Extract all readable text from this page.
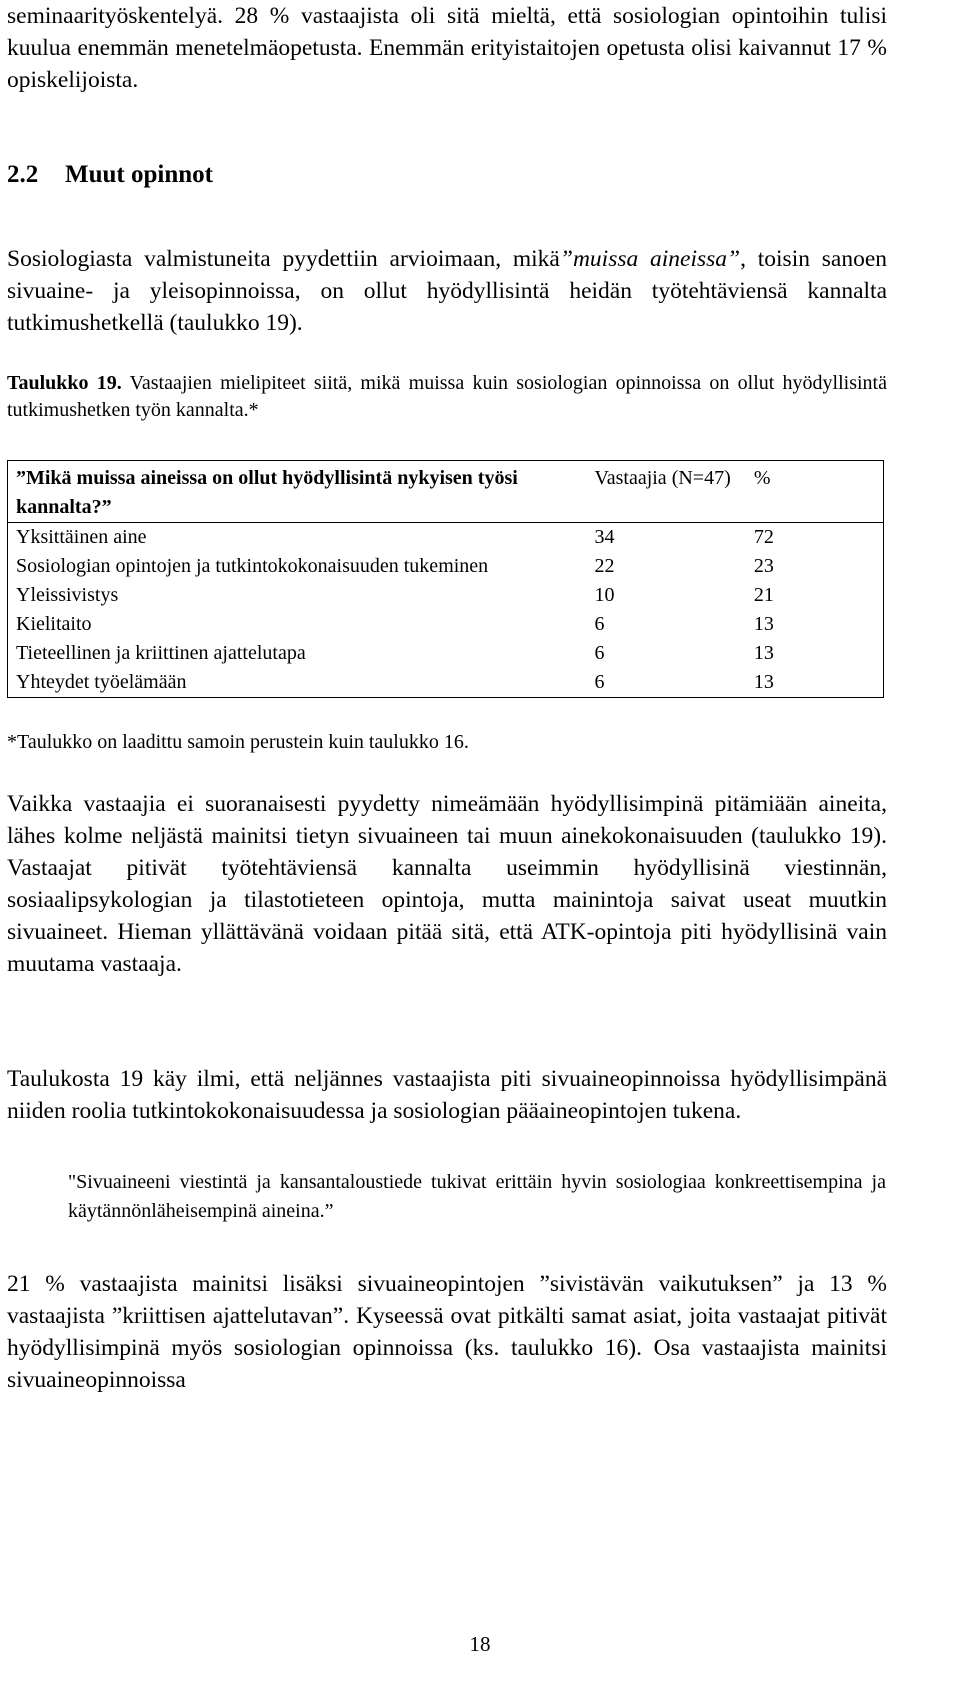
seminaarityöskentelyä. 28 % vastaajista oli sitä mieltä, että sosiologian opintoihin tulisi kuulua enemmän menetelmäopetusta. Enemmän erityistaitojen opetusta olisi kaivannut 17 % opiskelijoista.

2.2 Muut opinnot

Sosiologiasta valmistuneita pyydettiin arvioimaan, mikä”muissa aineissa”, toisin sanoen sivuaine- ja yleisopinnoissa, on ollut hyödyllisintä heidän työtehtäviensä kannalta tutkimushetkellä (taulukko 19).

Taulukko 19. Vastaajien mielipiteet siitä, mikä muissa kuin sosiologian opinnoissa on ollut hyödyllisintä tutkimushetken työn kannalta.*

”Mikä muissa aineissa on ollut hyödyllisintä nykyisen työsi kannalta?”	Vastaajia (N=47)	%
Yksittäinen aine	34	72
Sosiologian opintojen ja tutkintokokonaisuuden tukeminen	22	23
Yleissivistys	10	21
Kielitaito	6	13
Tieteellinen ja kriittinen ajattelutapa	6	13
Yhteydet työelämään	6	13

*Taulukko on laadittu samoin perustein kuin taulukko 16.

Vaikka vastaajia ei suoranaisesti pyydetty nimeämään hyödyllisimpinä pitämiään aineita, lähes kolme neljästä mainitsi tietyn sivuaineen tai muun ainekokonaisuuden (taulukko 19). Vastaajat pitivät työtehtäviensä kannalta useimmin hyödyllisinä viestinnän, sosiaalipsykologian ja tilastotieteen opintoja, mutta mainintoja saivat useat muutkin sivuaineet. Hieman yllättävänä voidaan pitää sitä, että ATK-opintoja piti hyödyllisinä vain muutama vastaaja.

Taulukosta 19 käy ilmi, että neljännes vastaajista piti sivuaineopinnoissa hyödyllisimpänä niiden roolia tutkintokokonaisuudessa ja sosiologian pääaineopintojen tukena.

"Sivuaineeni viestintä ja kansantaloustiede tukivat erittäin hyvin sosiologiaa konkreettisempina ja käytännönläheisempinä aineina.”

21 % vastaajista mainitsi lisäksi sivuaineopintojen ”sivistävän vaikutuksen” ja 13 % vastaajista ”kriittisen ajattelutavan”. Kyseessä ovat pitkälti samat asiat, joita vastaajat pitivät hyödyllisimpinä myös sosiologian opinnoissa (ks. taulukko 16). Osa vastaajista mainitsi sivuaineopinnoissa

18
